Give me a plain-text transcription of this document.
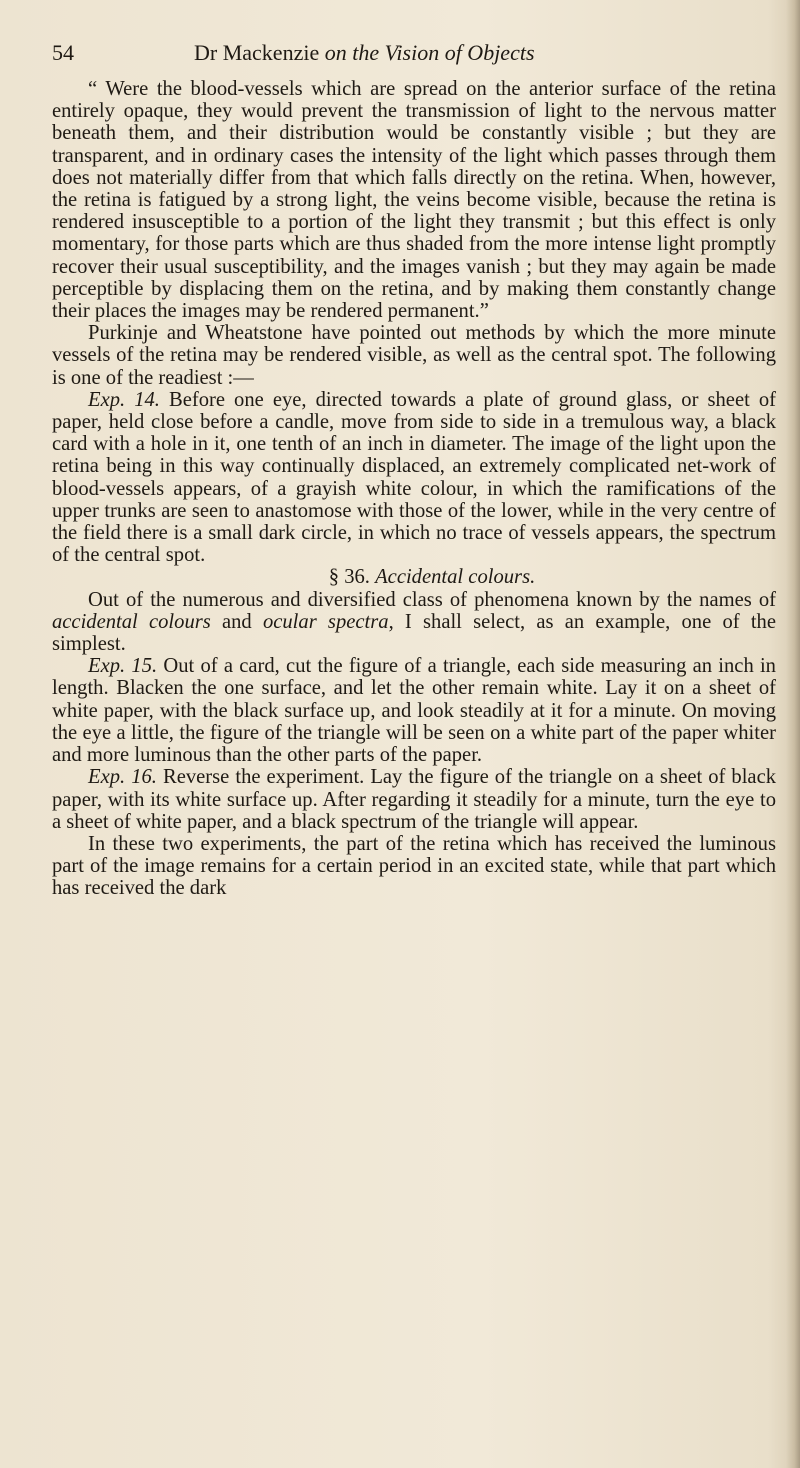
54	Dr Mackenzie on the Vision of Objects

“ Were the blood-vessels which are spread on the anterior surface of the retina entirely opaque, they would prevent the transmission of light to the nervous matter beneath them, and their distribution would be constantly visible ; but they are transparent, and in ordinary cases the intensity of the light which passes through them does not materially differ from that which falls directly on the retina. When, however, the retina is fatigued by a strong light, the veins become visible, because the retina is rendered insusceptible to a portion of the light they transmit ; but this effect is only momentary, for those parts which are thus shaded from the more intense light promptly recover their usual susceptibility, and the images vanish ; but they may again be made perceptible by displacing them on the retina, and by making them constantly change their places the images may be rendered permanent.”

Purkinje and Wheatstone have pointed out methods by which the more minute vessels of the retina may be rendered visible, as well as the central spot. The following is one of the readiest :—

Exp. 14. Before one eye, directed towards a plate of ground glass, or sheet of paper, held close before a candle, move from side to side in a tremulous way, a black card with a hole in it, one tenth of an inch in diameter. The image of the light upon the retina being in this way continually displaced, an extremely complicated net-work of blood-vessels appears, of a grayish white colour, in which the ramifications of the upper trunks are seen to anastomose with those of the lower, while in the very centre of the field there is a small dark circle, in which no trace of vessels appears, the spectrum of the central spot.

§ 36. Accidental colours.

Out of the numerous and diversified class of phenomena known by the names of accidental colours and ocular spectra, I shall select, as an example, one of the simplest.

Exp. 15. Out of a card, cut the figure of a triangle, each side measuring an inch in length. Blacken the one surface, and let the other remain white. Lay it on a sheet of white paper, with the black surface up, and look steadily at it for a minute. On moving the eye a little, the figure of the triangle will be seen on a white part of the paper whiter and more luminous than the other parts of the paper.

Exp. 16. Reverse the experiment. Lay the figure of the triangle on a sheet of black paper, with its white surface up. After regarding it steadily for a minute, turn the eye to a sheet of white paper, and a black spectrum of the triangle will appear.

In these two experiments, the part of the retina which has received the luminous part of the image remains for a certain period in an excited state, while that part which has received the dark
